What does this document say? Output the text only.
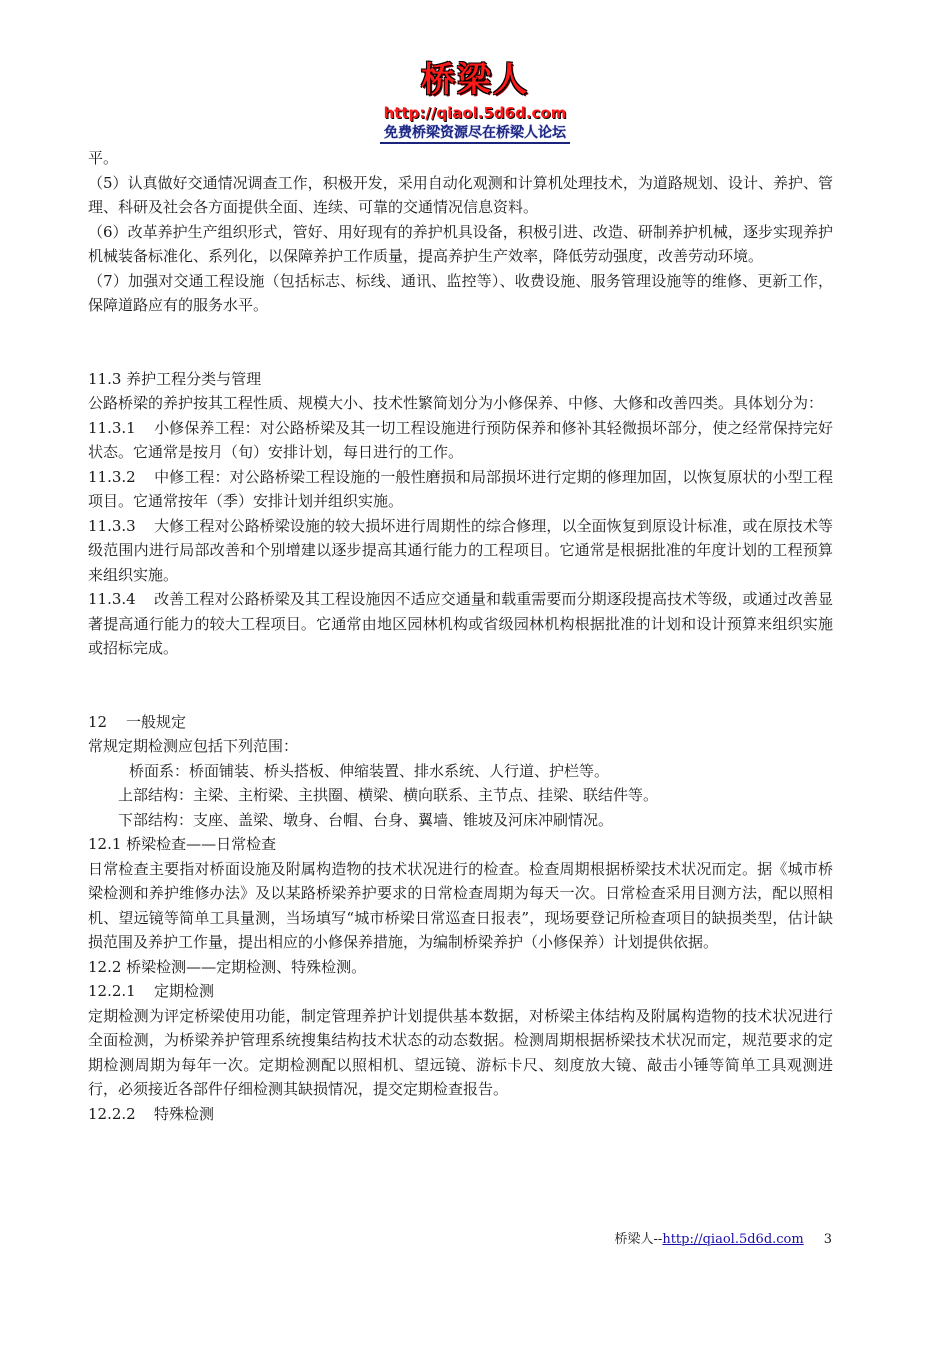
桥梁人
http://qiaol.5d6d.com
免费桥梁资源尽在桥梁人论坛

平。

（5）认真做好交通情况调查工作，积极开发，采用自动化观测和计算机处理技术，为道路规划、设计、养护、管理、科研及社会各方面提供全面、连续、可靠的交通情况信息资料。

（6）改革养护生产组织形式，管好、用好现有的养护机具设备，积极引进、改造、研制养护机械，逐步实现养护机械装备标准化、系列化，以保障养护工作质量，提高养护生产效率，降低劳动强度，改善劳动环境。

（7）加强对交通工程设施（包括标志、标线、通讯、监控等）、收费设施、服务管理设施等的维修、更新工作，保障道路应有的服务水平。

11.3 养护工程分类与管理

公路桥梁的养护按其工程性质、规模大小、技术性繁简划分为小修保养、中修、大修和改善四类。具体划分为：

11.3.1 小修保养工程：对公路桥梁及其一切工程设施进行预防保养和修补其轻微损坏部分，使之经常保持完好状态。它通常是按月（旬）安排计划，每日进行的工作。

11.3.2 中修工程：对公路桥梁工程设施的一般性磨损和局部损坏进行定期的修理加固，以恢复原状的小型工程项目。它通常按年（季）安排计划并组织实施。

11.3.3 大修工程对公路桥梁设施的较大损坏进行周期性的综合修理，以全面恢复到原设计标准，或在原技术等级范围内进行局部改善和个别增建以逐步提高其通行能力的工程项目。它通常是根据批准的年度计划的工程预算来组织实施。

11.3.4 改善工程对公路桥梁及其工程设施因不适应交通量和载重需要而分期逐段提高技术等级，或通过改善显著提高通行能力的较大工程项目。它通常由地区园林机构或省级园林机构根据批准的计划和设计预算来组织实施或招标完成。

12 一般规定

常规定期检测应包括下列范围：

桥面系：桥面铺装、桥头搭板、伸缩装置、排水系统、人行道、护栏等。

上部结构：主梁、主桁梁、主拱圈、横梁、横向联系、主节点、挂梁、联结件等。

下部结构：支座、盖梁、墩身、台帽、台身、翼墙、锥坡及河床冲刷情况。

12.1 桥梁检查——日常检查

日常检查主要指对桥面设施及附属构造物的技术状况进行的检查。检查周期根据桥梁技术状况而定。据《城市桥梁检测和养护维修办法》及以某路桥梁养护要求的日常检查周期为每天一次。日常检查采用目测方法，配以照相机、望远镜等简单工具量测，当场填写“城市桥梁日常巡查日报表”，现场要登记所检查项目的缺损类型，估计缺损范围及养护工作量，提出相应的小修保养措施，为编制桥梁养护（小修保养）计划提供依据。

12.2 桥梁检测——定期检测、特殊检测。

12.2.1 定期检测

定期检测为评定桥梁使用功能，制定管理养护计划提供基本数据，对桥梁主体结构及附属构造物的技术状况进行全面检测，为桥梁养护管理系统搜集结构技术状态的动态数据。检测周期根据桥梁技术状况而定，规范要求的定期检测周期为每年一次。定期检测配以照相机、望远镜、游标卡尺、刻度放大镜、敲击小锤等简单工具观测进行，必须接近各部件仔细检测其缺损情况，提交定期检查报告。

12.2.2 特殊检测

桥梁人--http://qiaol.5d6d.com 3
